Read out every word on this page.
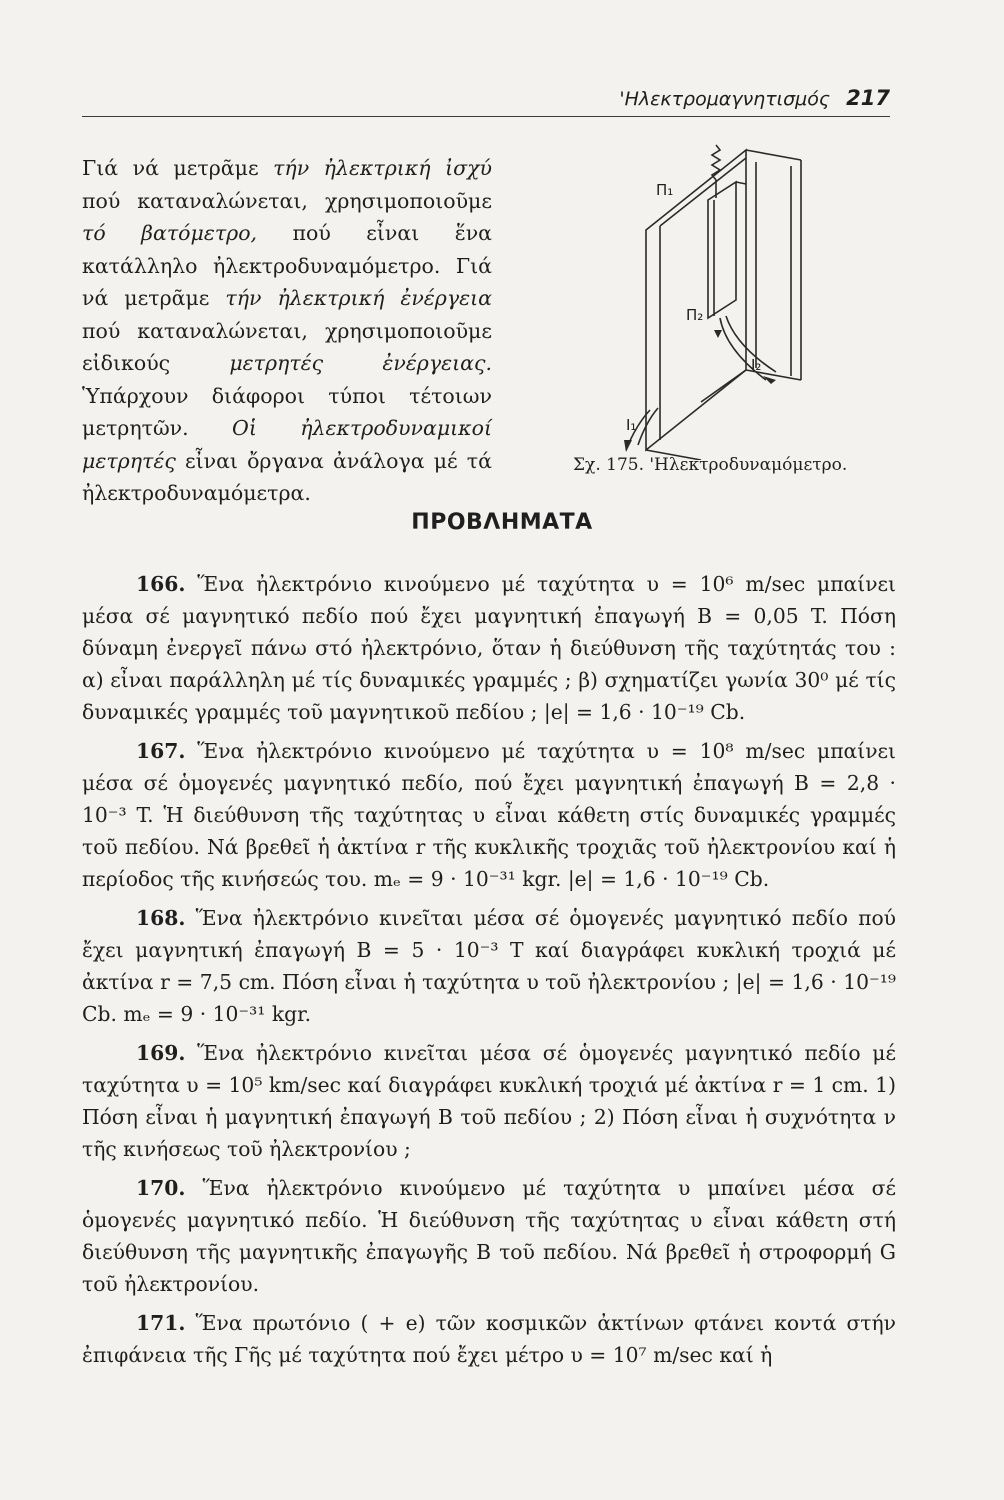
'Ηλεκτρομαγνητισμός 217
Γιά νά μετρᾶμε τήν ἠλεκτρική ἰσχύ πού καταναλώνεται, χρησιμοποιοῦμε τό βατόμετρο, πού εἶναι ἕνα κατάλληλο ἠλεκτροδυναμόμετρο. Γιά νά μετρᾶμε τήν ἠλεκτρική ἐνέργεια πού καταναλώνεται, χρησιμοποιοῦμε εἰδικούς μετρητές ἐνέργειας. Ὑπάρχουν διάφοροι τύποι τέτοιων μετρητῶν. Οἱ ἠλεκτροδυναμικοί μετρητές εἶναι ὄργανα ἀνάλογα μέ τά ἠλεκτροδυναμόμετρα.
Π₁
Π₂
I₁
I₂
Σχ. 175. 'Ηλεκτροδυναμόμετρο.
ΠΡΟΒΛΗΜΑΤΑ

166. Ἕνα ἠλεκτρόνιο κινούμενο μέ ταχύτητα υ = 10⁶ m/sec μπαίνει μέσα σέ μαγνητικό πεδίο πού ἔχει μαγνητική ἐπαγωγή B = 0,05 T. Πόση δύναμη ἐνεργεῖ πάνω στό ἠλεκτρόνιο, ὅταν ἡ διεύθυνση τῆς ταχύτητάς του : α) εἶναι παράλληλη μέ τίς δυναμικές γραμμές ; β) σχηματίζει γωνία 30⁰ μέ τίς δυναμικές γραμμές τοῦ μαγνητικοῦ πεδίου ; |e| = 1,6 · 10⁻¹⁹ Cb.

167. Ἕνα ἠλεκτρόνιο κινούμενο μέ ταχύτητα υ = 10⁸ m/sec μπαίνει μέσα σέ ὁμογενές μαγνητικό πεδίο, πού ἔχει μαγνητική ἐπαγωγή B = 2,8 · 10⁻³ T. Ἡ διεύθυνση τῆς ταχύτητας υ εἶναι κάθετη στίς δυναμικές γραμμές τοῦ πεδίου. Νά βρεθεῖ ἡ ἀκτίνα r τῆς κυκλικῆς τροχιᾶς τοῦ ἠλεκτρονίου καί ἡ περίοδος τῆς κινήσεώς του. mₑ = 9 · 10⁻³¹ kgr. |e| = 1,6 · 10⁻¹⁹ Cb.

168. Ἕνα ἠλεκτρόνιο κινεῖται μέσα σέ ὁμογενές μαγνητικό πεδίο πού ἔχει μαγνητική ἐπαγωγή B = 5 · 10⁻³ T καί διαγράφει κυκλική τροχιά μέ ἀκτίνα r = 7,5 cm. Πόση εἶναι ἡ ταχύτητα υ τοῦ ἠλεκτρονίου ; |e| = 1,6 · 10⁻¹⁹ Cb. mₑ = 9 · 10⁻³¹ kgr.

169. Ἕνα ἠλεκτρόνιο κινεῖται μέσα σέ ὁμογενές μαγνητικό πεδίο μέ ταχύτητα υ = 10⁵ km/sec καί διαγράφει κυκλική τροχιά μέ ἀκτίνα r = 1 cm. 1) Πόση εἶναι ἡ μαγνητική ἐπαγωγή B τοῦ πεδίου ; 2) Πόση εἶναι ἡ συχνότητα ν τῆς κινήσεως τοῦ ἠλεκτρονίου ;

170. Ἕνα ἠλεκτρόνιο κινούμενο μέ ταχύτητα υ μπαίνει μέσα σέ ὁμογενές μαγνητικό πεδίο. Ἡ διεύθυνση τῆς ταχύτητας υ εἶναι κάθετη στή διεύθυνση τῆς μαγνητικῆς ἐπαγωγῆς B τοῦ πεδίου. Νά βρεθεῖ ἡ στροφορμή G τοῦ ἠλεκτρονίου.

171. Ἕνα πρωτόνιο ( + e) τῶν κοσμικῶν ἀκτίνων φτάνει κοντά στήν ἐπιφάνεια τῆς Γῆς μέ ταχύτητα πού ἔχει μέτρο υ = 10⁷ m/sec καί ἡ
